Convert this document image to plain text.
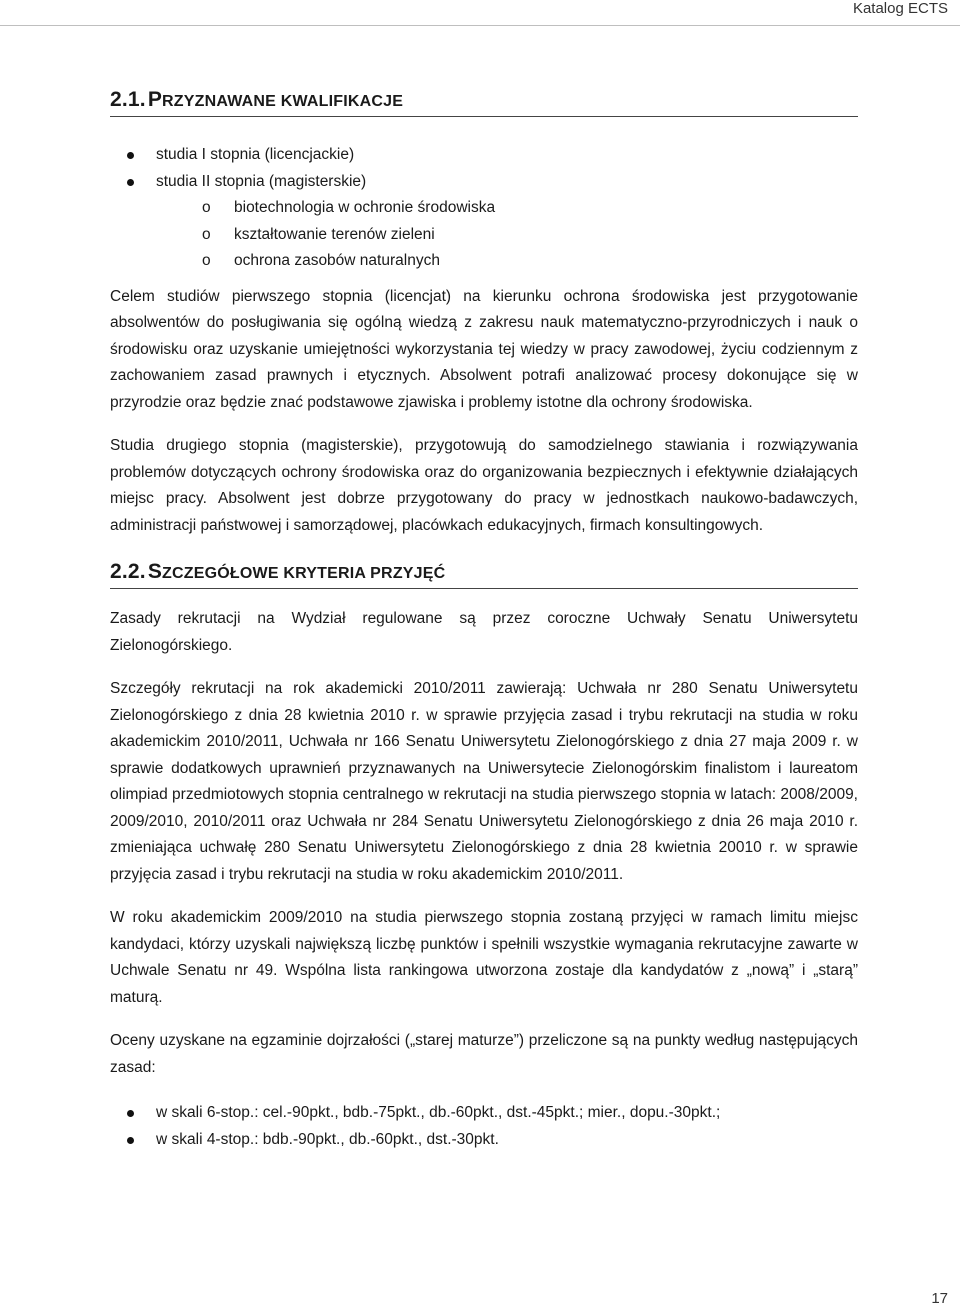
Katalog ECTS
2.1.PRZYZNAWANE KWALIFIKACJE
studia I stopnia (licencjackie)
studia II stopnia (magisterskie)
o biotechnologia w ochronie środowiska
o kształtowanie terenów zieleni
o ochrona zasobów naturalnych

Celem studiów pierwszego stopnia (licencjat) na kierunku ochrona środowiska jest przygotowanie absolwentów do posługiwania się ogólną wiedzą z zakresu nauk matematyczno-przyrodniczych i nauk o środowisku oraz uzyskanie umiejętności wykorzystania tej wiedzy w pracy zawodowej, życiu codziennym z zachowaniem zasad prawnych i etycznych. Absolwent potrafi analizować procesy dokonujące się w przyrodzie oraz będzie znać podstawowe zjawiska i problemy istotne dla ochrony środowiska.

Studia drugiego stopnia (magisterskie), przygotowują do samodzielnego stawiania i rozwiązywania problemów dotyczących ochrony środowiska oraz do organizowania bezpiecznych i efektywnie działających miejsc pracy. Absolwent jest dobrze przygotowany do pracy w jednostkach naukowo-badawczych, administracji państwowej i samorządowej, placówkach edukacyjnych, firmach konsultingowych.

2.2.SZCZEGÓŁOWE KRYTERIA PRZYJĘĆ

Zasady rekrutacji na Wydział regulowane są przez coroczne Uchwały Senatu Uniwersytetu Zielonogórskiego.

Szczegóły rekrutacji na rok akademicki 2010/2011 zawierają: Uchwała nr 280 Senatu Uniwersytetu Zielonogórskiego z dnia 28 kwietnia 2010 r. w sprawie przyjęcia zasad i trybu rekrutacji na studia w roku akademickim 2010/2011, Uchwała nr 166 Senatu Uniwersytetu Zielonogórskiego z dnia 27 maja 2009 r. w sprawie dodatkowych uprawnień przyznawanych na Uniwersytecie Zielonogórskim finalistom i laureatom olimpiad przedmiotowych stopnia centralnego w rekrutacji na studia pierwszego stopnia w latach: 2008/2009, 2009/2010, 2010/2011 oraz Uchwała nr 284 Senatu Uniwersytetu Zielonogórskiego z dnia 26 maja 2010 r. zmieniająca uchwałę 280 Senatu Uniwersytetu Zielonogórskiego z dnia 28 kwietnia 20010 r. w sprawie przyjęcia zasad i trybu rekrutacji na studia w roku akademickim 2010/2011.

W roku akademickim 2009/2010 na studia pierwszego stopnia zostaną przyjęci w ramach limitu miejsc kandydaci, którzy uzyskali największą liczbę punktów i spełnili wszystkie wymagania rekrutacyjne zawarte w Uchwale Senatu nr 49. Wspólna lista rankingowa utworzona zostaje dla kandydatów z „nową” i „starą” maturą.

Oceny uzyskane na egzaminie dojrzałości („starej maturze”) przeliczone są na punkty według następujących zasad:

w skali 6-stop.: cel.-90pkt., bdb.-75pkt., db.-60pkt., dst.-45pkt.; mier., dopu.-30pkt.;
w skali 4-stop.: bdb.-90pkt., db.-60pkt., dst.-30pkt.
17
